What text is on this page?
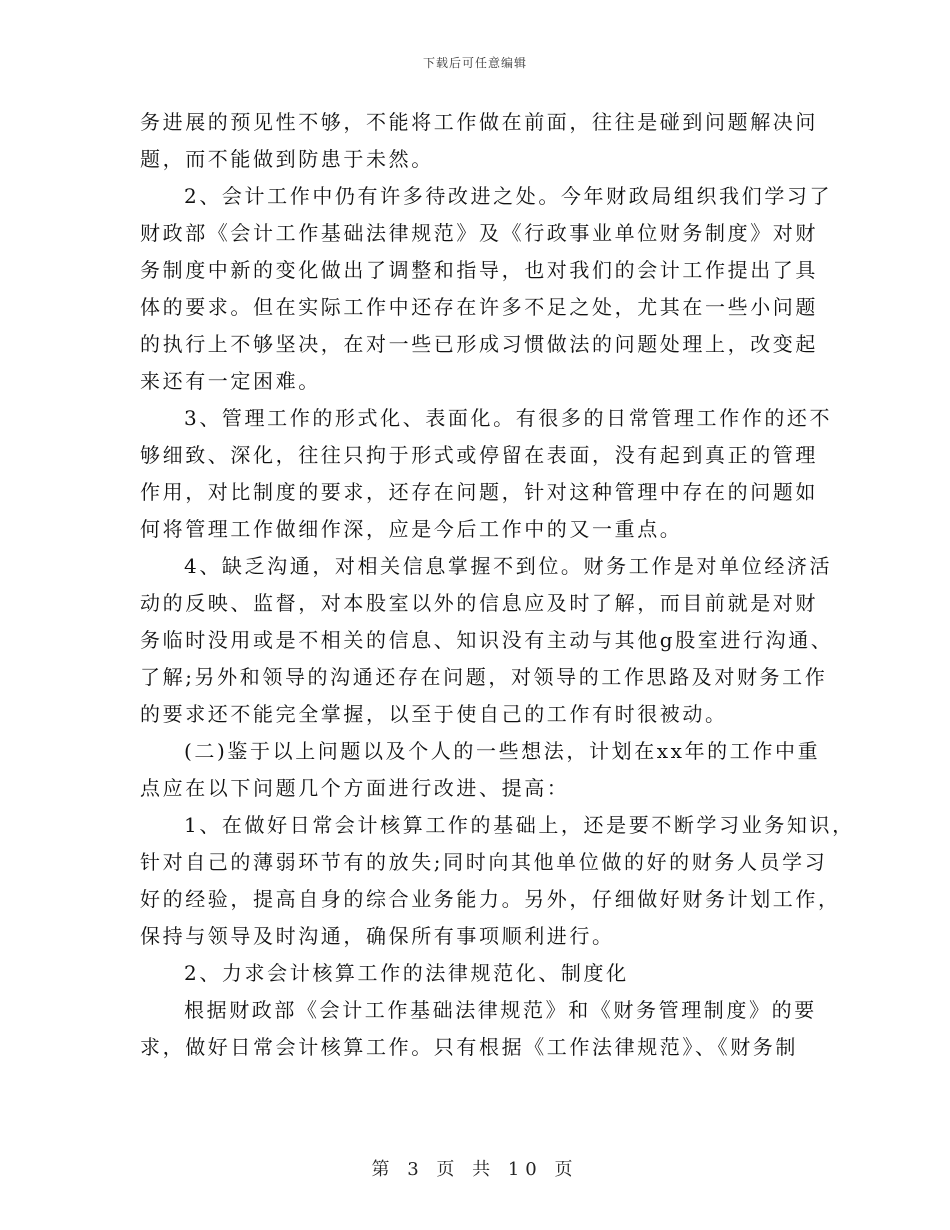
下载后可任意编辑
务进展的预见性不够，不能将工作做在前面，往往是碰到问题解决问
题，而不能做到防患于未然。
2、会计工作中仍有许多待改进之处。今年财政局组织我们学习了
财政部《会计工作基础法律规范》及《行政事业单位财务制度》对财
务制度中新的变化做出了调整和指导，也对我们的会计工作提出了具
体的要求。但在实际工作中还存在许多不足之处，尤其在一些小问题
的执行上不够坚决，在对一些已形成习惯做法的问题处理上，改变起
来还有一定困难。
3、管理工作的形式化、表面化。有很多的日常管理工作作的还不
够细致、深化，往往只拘于形式或停留在表面，没有起到真正的管理
作用，对比制度的要求，还存在问题，针对这种管理中存在的问题如
何将管理工作做细作深，应是今后工作中的又一重点。
4、缺乏沟通，对相关信息掌握不到位。财务工作是对单位经济活
动的反映、监督，对本股室以外的信息应及时了解，而目前就是对财
务临时没用或是不相关的信息、知识没有主动与其他g股室进行沟通、
了解;另外和领导的沟通还存在问题，对领导的工作思路及对财务工作
的要求还不能完全掌握，以至于使自己的工作有时很被动。
(二)鉴于以上问题以及个人的一些想法，计划在xx年的工作中重
点应在以下问题几个方面进行改进、提高：
1、在做好日常会计核算工作的基础上，还是要不断学习业务知识，
针对自己的薄弱环节有的放失;同时向其他单位做的好的财务人员学习
好的经验，提高自身的综合业务能力。另外，仔细做好财务计划工作，
保持与领导及时沟通，确保所有事项顺利进行。
2、力求会计核算工作的法律规范化、制度化
根据财政部《会计工作基础法律规范》和《财务管理制度》的要
求，做好日常会计核算工作。只有根据《工作法律规范》、《财务制
第 3 页 共 10 页
